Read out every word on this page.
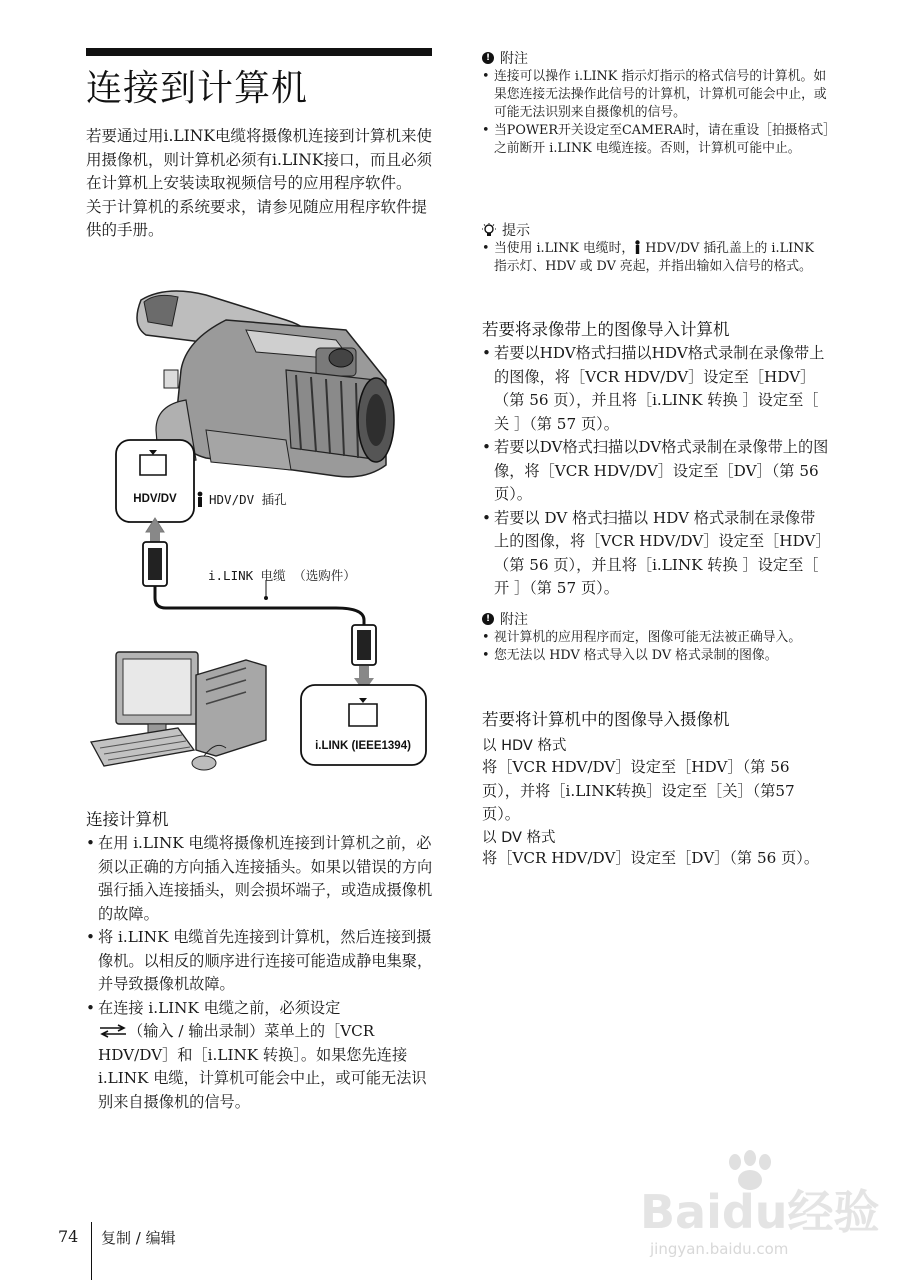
连接到计算机

若要通过用i.LINK电缆将摄像机连接到计算机来使用摄像机，则计算机必须有i.LINK接口，而且必须在计算机上安装读取视频信号的应用程序软件。

关于计算机的系统要求，请参见随应用程序软件提供的手册。

HDV/DV
i.LINK (IEEE1394)
HDV/DV 插孔
i.LINK 电缆 （选购件）
连接计算机
• 在用 i.LINK 电缆将摄像机连接到计算机之前，必须以正确的方向插入连接插头。如果以错误的方向强行插入连接插头，则会损坏端子，或造成摄像机的故障。
• 将 i.LINK 电缆首先连接到计算机，然后连接到摄像机。以相反的顺序进行连接可能造成静电集聚，并导致摄像机故障。
• 在连接 i.LINK 电缆之前，必须设定
（输入 / 输出录制）菜单上的［VCR HDV/DV］和［i.LINK 转换］。如果您先连接 i.LINK 电缆，计算机可能会中止，或可能无法识别来自摄像机的信号。
! 附注
• 连接可以操作 i.LINK 指示灯指示的格式信号的计算机。如果您连接无法操作此信号的计算机，计算机可能会中止，或可能无法识别来自摄像机的信号。
• 当POWER开关设定至CAMERA时，请在重设［拍摄格式］之前断开 i.LINK 电缆连接。否则，计算机可能中止。
提示
• 当使用 i.LINK 电缆时， HDV/DV 插孔盖上的 i.LINK 指示灯、HDV 或 DV 亮起，并指出输如入信号的格式。
若要将录像带上的图像导入计算机
• 若要以HDV格式扫描以HDV格式录制在录像带上的图像，将［VCR HDV/DV］设定至［HDV］（第 56 页），并且将［i.LINK 转换 ］设定至［ 关 ］（第 57 页）。
• 若要以DV格式扫描以DV格式录制在录像带上的图像，将［VCR HDV/DV］设定至［DV］（第 56 页）。
• 若要以 DV 格式扫描以 HDV 格式录制在录像带上的图像，将［VCR HDV/DV］设定至［HDV］（第 56 页），并且将［i.LINK 转换 ］设定至［ 开 ］（第 57 页）。
! 附注
• 视计算机的应用程序而定，图像可能无法被正确导入。
• 您无法以 HDV 格式导入以 DV 格式录制的图像。
若要将计算机中的图像导入摄像机
以 HDV 格式
将［VCR HDV/DV］设定至［HDV］（第 56 页），并将［i.LINK转换］设定至［关］（第57页）。
以 DV 格式
将［VCR HDV/DV］设定至［DV］（第 56 页）。
74 复制 / 编辑	Baidu经验
jingyan.baidu.com
